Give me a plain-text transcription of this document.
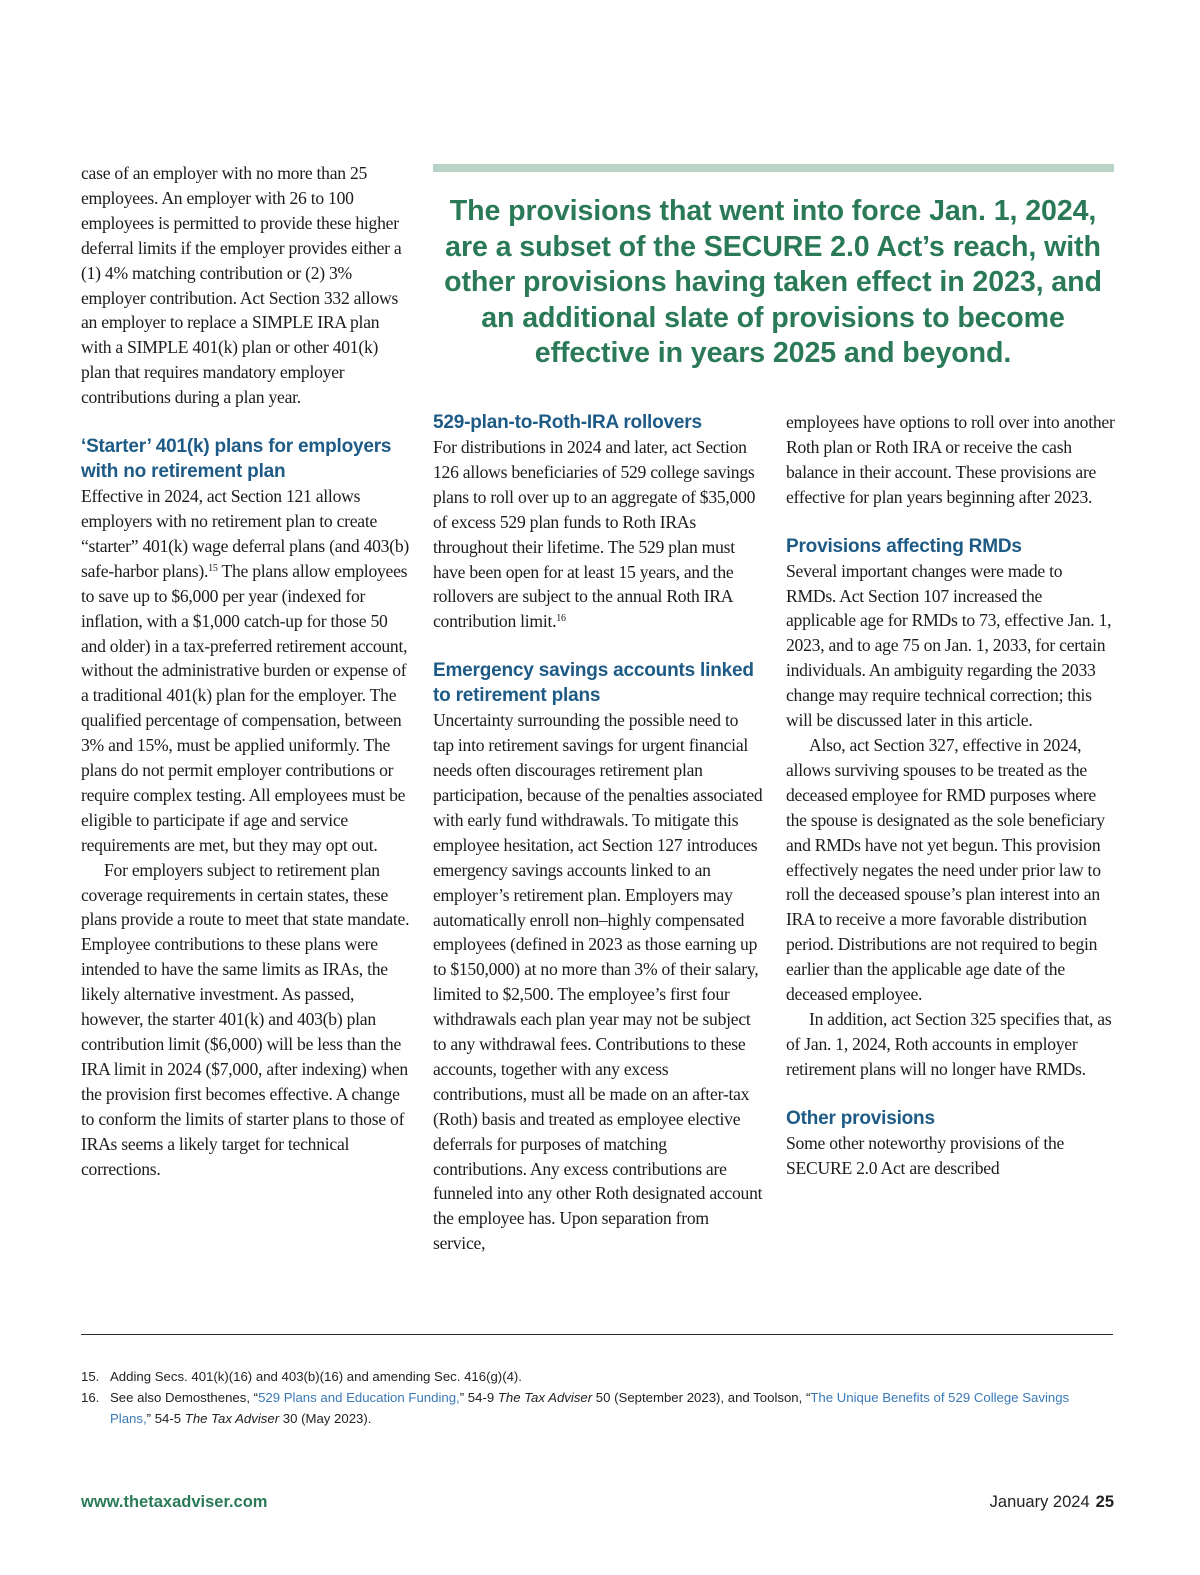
case of an employer with no more than 25 employees. An employer with 26 to 100 employees is permitted to provide these higher deferral limits if the employer provides either a (1) 4% matching contribution or (2) 3% employer contribution. Act Section 332 allows an employer to replace a SIMPLE IRA plan with a SIMPLE 401(k) plan or other 401(k) plan that requires mandatory employer contributions during a plan year.

‘Starter’ 401(k) plans for employers with no retirement plan

Effective in 2024, act Section 121 allows employers with no retirement plan to create “starter” 401(k) wage deferral plans (and 403(b) safe-harbor plans).$^{15}$ The plans allow employees to save up to $6,000 per year (indexed for inflation, with a $1,000 catch-up for those 50 and older) in a tax-preferred retirement account, without the administrative burden or expense of a traditional 401(k) plan for the employer. The qualified percentage of compensation, between 3% and 15%, must be applied uniformly. The plans do not permit employer contributions or require complex testing. All employees must be eligible to participate if age and service requirements are met, but they may opt out.

For employers subject to retirement plan coverage requirements in certain states, these plans provide a route to meet that state mandate. Employee contributions to these plans were intended to have the same limits as IRAs, the likely alternative investment. As passed, however, the starter 401(k) and 403(b) plan contribution limit ($6,000) will be less than the IRA limit in 2024 ($7,000, after indexing) when the provision first becomes effective. A change to conform the limits of starter plans to those of IRAs seems a likely target for technical corrections.

The provisions that went into force Jan. 1, 2024, are a subset of the SECURE 2.0 Act’s reach, with other provisions having taken effect in 2023, and an additional slate of provisions to become effective in years 2025 and beyond.
529-plan-to-Roth-IRA rollovers

For distributions in 2024 and later, act Section 126 allows beneficiaries of 529 college savings plans to roll over up to an aggregate of $35,000 of excess 529 plan funds to Roth IRAs throughout their lifetime. The 529 plan must have been open for at least 15 years, and the rollovers are subject to the annual Roth IRA contribution limit.$^{16}$

Emergency savings accounts linked to retirement plans

Uncertainty surrounding the possible need to tap into retirement savings for urgent financial needs often discourages retirement plan participation, because of the penalties associated with early fund withdrawals. To mitigate this employee hesitation, act Section 127 introduces emergency savings accounts linked to an employer’s retirement plan. Employers may automatically enroll non–highly compensated employees (defined in 2023 as those earning up to $150,000) at no more than 3% of their salary, limited to $2,500. The employee’s first four withdrawals each plan year may not be subject to any withdrawal fees. Contributions to these accounts, together with any excess contributions, must all be made on an after-tax (Roth) basis and treated as employee elective deferrals for purposes of matching contributions. Any excess contributions are funneled into any other Roth designated account the employee has. Upon separation from service,

employees have options to roll over into another Roth plan or Roth IRA or receive the cash balance in their account. These provisions are effective for plan years beginning after 2023.

Provisions affecting RMDs

Several important changes were made to RMDs. Act Section 107 increased the applicable age for RMDs to 73, effective Jan. 1, 2023, and to age 75 on Jan. 1, 2033, for certain individuals. An ambiguity regarding the 2033 change may require technical correction; this will be discussed later in this article.

Also, act Section 327, effective in 2024, allows surviving spouses to be treated as the deceased employee for RMD purposes where the spouse is designated as the sole beneficiary and RMDs have not yet begun. This provision effectively negates the need under prior law to roll the deceased spouse’s plan interest into an IRA to receive a more favorable distribution period. Distributions are not required to begin earlier than the applicable age date of the deceased employee.

In addition, act Section 325 specifies that, as of Jan. 1, 2024, Roth accounts in employer retirement plans will no longer have RMDs.

Other provisions

Some other noteworthy provisions of the SECURE 2.0 Act are described

15. Adding Secs. 401(k)(16) and 403(b)(16) and amending Sec. 416(g)(4).
16. See also Demosthenes, “529 Plans and Education Funding,” 54-9 The Tax Adviser 50 (September 2023), and Toolson, “The Unique Benefits of 529 College Savings Plans,” 54-5 The Tax Adviser 30 (May 2023).
www.thetaxadviser.com	January 2024 25
